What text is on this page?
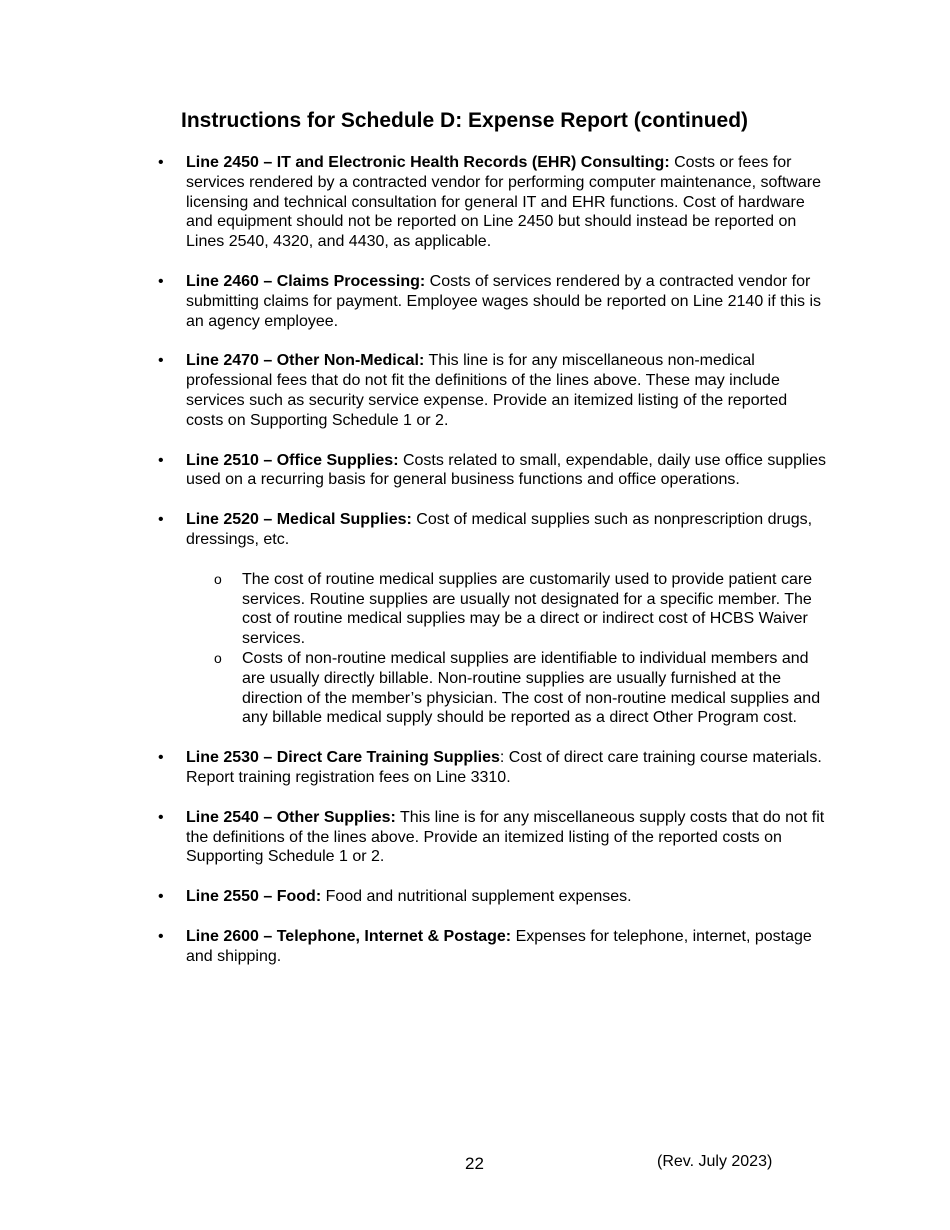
Instructions for Schedule D: Expense Report (continued)
• Line 2450 – IT and Electronic Health Records (EHR) Consulting: Costs or fees for services rendered by a contracted vendor for performing computer maintenance, software licensing and technical consultation for general IT and EHR functions. Cost of hardware and equipment should not be reported on Line 2450 but should instead be reported on Lines 2540, 4320, and 4430, as applicable.
• Line 2460 – Claims Processing: Costs of services rendered by a contracted vendor for submitting claims for payment. Employee wages should be reported on Line 2140 if this is an agency employee.
• Line 2470 – Other Non-Medical: This line is for any miscellaneous non-medical professional fees that do not fit the definitions of the lines above. These may include services such as security service expense. Provide an itemized listing of the reported costs on Supporting Schedule 1 or 2.
• Line 2510 – Office Supplies: Costs related to small, expendable, daily use office supplies used on a recurring basis for general business functions and office operations.
• Line 2520 – Medical Supplies: Cost of medical supplies such as nonprescription drugs, dressings, etc.
o The cost of routine medical supplies are customarily used to provide patient care services. Routine supplies are usually not designated for a specific member. The cost of routine medical supplies may be a direct or indirect cost of HCBS Waiver services.
o Costs of non-routine medical supplies are identifiable to individual members and are usually directly billable. Non-routine supplies are usually furnished at the direction of the member’s physician. The cost of non-routine medical supplies and any billable medical supply should be reported as a direct Other Program cost.
• Line 2530 – Direct Care Training Supplies: Cost of direct care training course materials. Report training registration fees on Line 3310.
• Line 2540 – Other Supplies: This line is for any miscellaneous supply costs that do not fit the definitions of the lines above. Provide an itemized listing of the reported costs on Supporting Schedule 1 or 2.
• Line 2550 – Food: Food and nutritional supplement expenses.
• Line 2600 – Telephone, Internet & Postage: Expenses for telephone, internet, postage and shipping.
22	(Rev. July 2023)
